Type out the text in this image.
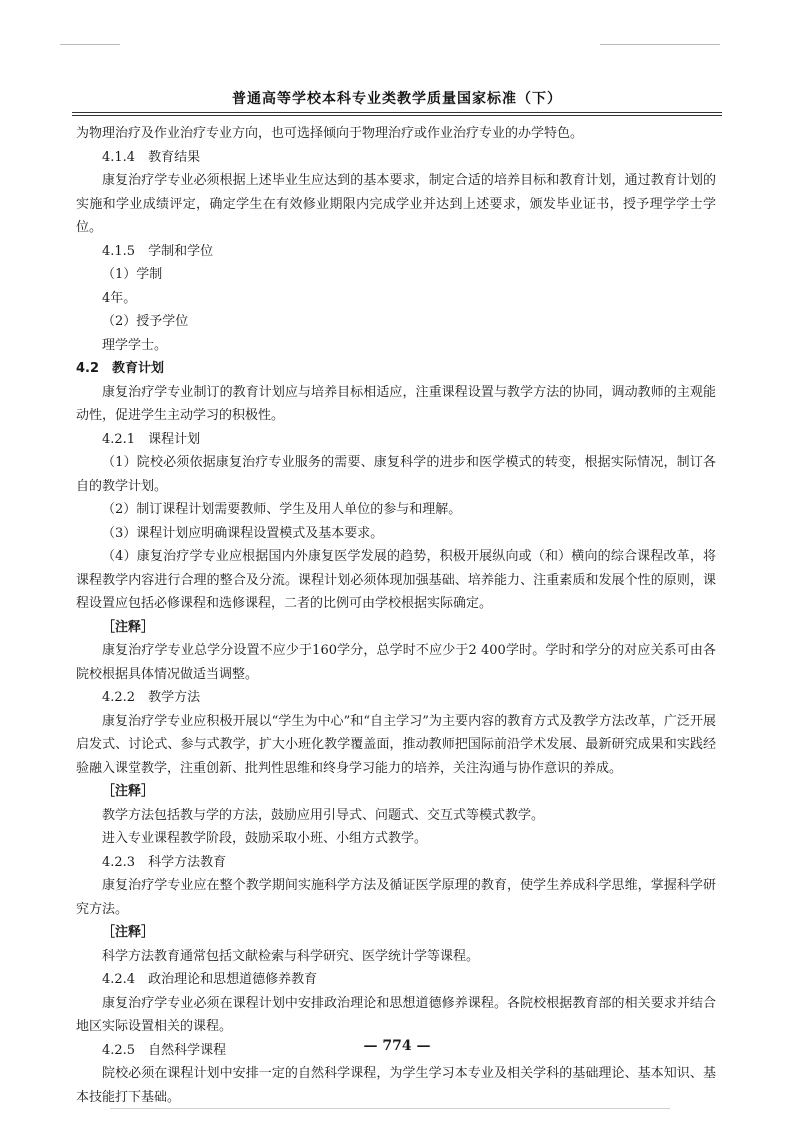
普通高等学校本科专业类教学质量国家标准（下）

为物理治疗及作业治疗专业方向，也可选择倾向于物理治疗或作业治疗专业的办学特色。

4.1.4　教育结果

康复治疗学专业必须根据上述毕业生应达到的基本要求，制定合适的培养目标和教育计划，通过教育计划的实施和学业成绩评定，确定学生在有效修业期限内完成学业并达到上述要求，颁发毕业证书，授予理学学士学位。

4.1.5　学制和学位

（1）学制

4年。

（2）授予学位

理学学士。

4.2　教育计划

康复治疗学专业制订的教育计划应与培养目标相适应，注重课程设置与教学方法的协同，调动教师的主观能动性，促进学生主动学习的积极性。

4.2.1　课程计划

（1）院校必须依据康复治疗专业服务的需要、康复科学的进步和医学模式的转变，根据实际情况，制订各自的教学计划。

（2）制订课程计划需要教师、学生及用人单位的参与和理解。

（3）课程计划应明确课程设置模式及基本要求。

（4）康复治疗学专业应根据国内外康复医学发展的趋势，积极开展纵向或（和）横向的综合课程改革，将课程教学内容进行合理的整合及分流。课程计划必须体现加强基础、培养能力、注重素质和发展个性的原则，课程设置应包括必修课程和选修课程，二者的比例可由学校根据实际确定。

［注释］

康复治疗学专业总学分设置不应少于160学分，总学时不应少于2 400学时。学时和学分的对应关系可由各院校根据具体情况做适当调整。

4.2.2　教学方法

康复治疗学专业应积极开展以“学生为中心”和“自主学习”为主要内容的教育方式及教学方法改革，广泛开展启发式、讨论式、参与式教学，扩大小班化教学覆盖面，推动教师把国际前沿学术发展、最新研究成果和实践经验融入课堂教学，注重创新、批判性思维和终身学习能力的培养，关注沟通与协作意识的养成。

［注释］

教学方法包括教与学的方法，鼓励应用引导式、问题式、交互式等模式教学。

进入专业课程教学阶段，鼓励采取小班、小组方式教学。

4.2.3　科学方法教育

康复治疗学专业应在整个教学期间实施科学方法及循证医学原理的教育，使学生养成科学思维，掌握科学研究方法。

［注释］

科学方法教育通常包括文献检索与科学研究、医学统计学等课程。

4.2.4　政治理论和思想道德修养教育

康复治疗学专业必须在课程计划中安排政治理论和思想道德修养课程。各院校根据教育部的相关要求并结合地区实际设置相关的课程。

4.2.5　自然科学课程

院校必须在课程计划中安排一定的自然科学课程，为学生学习本专业及相关学科的基础理论、基本知识、基本技能打下基础。

— 774 —
